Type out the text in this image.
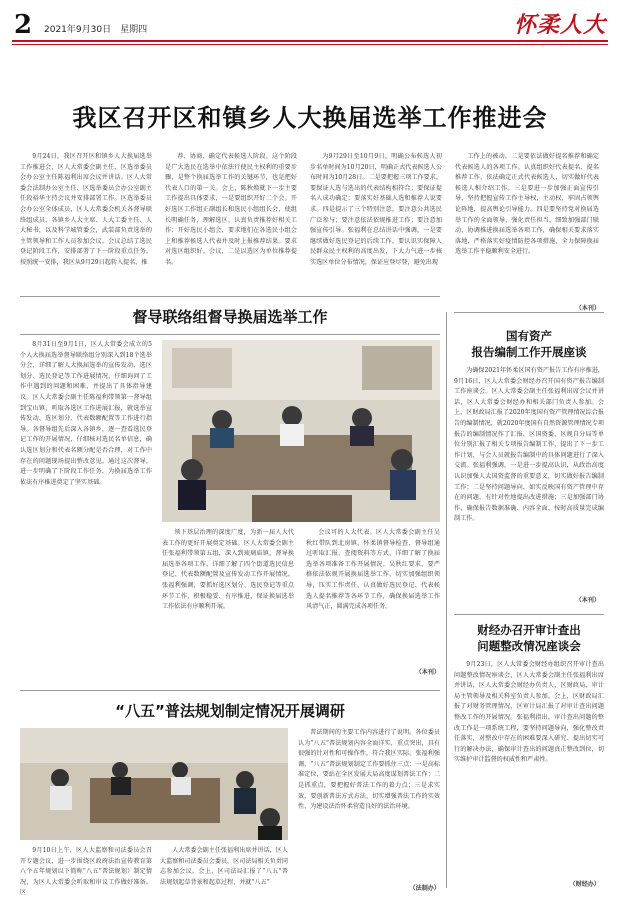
2 2021年9月30日　星期四	怀柔人大
我区召开区和镇乡人大换届选举工作推进会

9月24日，我区召开区和镇乡人大换届选举工作推进会，区人大常委会副主任、区选举委员会办公室主任陈福利出席会议并讲话。区人大常委会法制办公室主任、区选举委员会办公室副主任段裕华主持会议并安排部署工作。区选举委员会办公室全体成员，区人大常委会机关各督导联络组成员，各镇乡人大主席、人大工委主任、人大秘书，以及科学城管委会，武装部负责选举的主管领导和工作人员参加会议。会议总结了选民登记阶段工作，安排部署了下一阶段重点任务。按照统一安排，我区从9月29日起转入提名、推

荐、协商、确定代表候选人阶段。这个阶段是广大选民在选举中依法行使民主权利的重要步骤，是整个换届选举工作的关键环节，也是把好代表人口的第一关。会上，陈秋焕就下一步主要工作提出具体要求，一是要组织开好二个会。开好选区工作组正副组长和选民小组组长会，使组长明确任务，理解选区，认真负责推荐好相关工作；开好选民小组会，要求地们在各选民小组会上和推荐候选人代表并及时上报推荐结果。要求对选区组织好。会议，二是以选区为单位推荐提名。

为9月29日至10月9日，明确公布候选人初步名单时间为10月20日，明确正式代表候选人公布时间为10月28日。二是要把握三项工作要求。要保证人选与选出的代表结构相符合；要保证提名人成功确定；要落实好基础人选和推荐人说要求。四是提示了三个特别注意。要注意公共选民广泛参与；要注意依法依规推进工作；要注意加强宣传引导。张福利在总结讲话中强调，一是要继续做好选民登记的后续工作。要认识实保障人民群众民主权利的高度出发，下大力气进一步核实选区单位分布情况，保证应登尽登，避免出现

工作上的被动。二是要依法做好提名推荐和确定代表候选人的各项工作。认真组织好代表提名、提名推荐工作，依法确定正式代表候选人，切实做好代表候选人相介绍工作。三是要进一步加强正面宣传引导，坚持把握宣传工作主导权，主动权，牢固占领舆论阵地，提高舆论引导能力。四是要坚持党对换届选举工作的全面领导，强化责任担当，细致加强部门联动，协调推进换届选举各项工作，确保相关要求落实落地，严格落实好疫情防控各项措施，全力保障换届选举工作平稳顺利安全进行。

（本刊）
督导联络组督导换届选举工作

8月31日至9月1日，区人大常委会成立的5个人大换届选举督导联络组分别深入到18个选举分会，详细了解人大换届选举的宣传发动、选区划分、选民登记等工作进展情况，仔细询问了工作中遇到的问题和困难，并提出了具体指导建议。区人大常委会副主任陈福利带领第一督导组到宝山镇，听取各选区工作进展汇报，就选举宣传发动、选区划分、代表数额配置等工作进行指导。各督导组先后深入各镇乡，逐一查看选民登记工作的开展情况，仔细核对选民名单信息，确认选区划分和代表名额分配是否合理，对工作中存在的问题现场提出整改意见。通过这次督导，进一步明确了下阶段工作任务，为换届选举工作依法有序推进奠定了坚实基础。

领下基层治理的深度广度，为新一届人大代表工作的更好开展奠定基础。区人大常委会副主任张福利带领第五组，深入到琉璃庙镇，督导换届选举各项工作，详细了解了四个街道选民信息登记、代表数额配置及宣传发动工作开展情况。张福利强调，要抓好选区划分、选民登记等重点环节工作，积极稳妥、有序推进，保证换届选举工作依法有序顺利开展。

会议可的人大代表。区人大常委会副主任吴秋红带队到北房镇、怀柔镇督导检查，督导组通过听取汇报、查阅资料等方式，详细了解了换届选举各项准备工作开展情况。吴秋红要求，要严格依法依规开展换届选举工作，切实加强组织领导，压实工作责任，认真做好选民登记、代表候选人提名推荐等各环节工作，确保换届选举工作风清气正，圆满完成各项任务。

（本刊）
国有资产
报告编制工作开展座谈

为确保2021年怀柔区国有资产报告工作有序推进，9月16日，区人大常委会财经办召开国有资产报告编制工作座谈会。区人大常委会副主任张福利出席会议并讲话，区人大常委会财经办和相关部门负责人参加。会上，区财政局汇报了2020年度国有资产管理情况综合报告的编制情况，就2020年度国有自然资源管理情况专项报告的编制情况作了汇报，区国资委、区规自分局等单位分别汇报了相关专项报告编制工作，提出了下一步工作计划，与会人员就报告编制中的具体问题进行了深入交流。张福利强调，一是进一步提高认识，从政治高度认识加强人大国资监督的重要意义，切实做好报告编制工作；二是坚持问题导向，如实反映国有资产管理中存在的问题，有针对性地提出改进措施；三是加强部门协作，确保报告数据准确、内容全面、按时高质量完成编制工作。

（本刊）
财经办召开审计查出
问题整改情况座谈会

9月23日，区人大常委会财经办组织召开审计查出问题整改情况座谈会，区人大常委会副主任张福利出席并讲话，区人大常委会财经办负责人，区财政局、审计局主管领导及相关科室负责人参加。会上，区财政局汇报了对财务管理情况、区审计局汇报了对审计查出问题整改工作的开展情况。张福利指出，审计查出问题的整改工作是一项系统工程，要坚持问题导向，强化整改责任落实，对整改中存在的困难要深入研究、提出切实可行的解决办法，确保审计查出的问题真正整改到位，切实维护审计监督的权威性和严肃性。

（财经办）
“八五”普法规划制定情况开展调研

9月10日上午，区人大监察和司法委员会召开专题会议，进一步围绕区政府法治宣传教育第八个五年规划以下简称“八五”普法规划）制定情况，为区人大常委会听取和审议工作做好准备。区

人大常委会副主任张福利出席并讲话，区人大监察和司法委员会委员，区司法局相关负责同志参加会议。会上，区司法局汇报了“八五”普法规划起草背景和起草过程，并就“八五”

普法期间的主要工作内容进行了说明。各位委员认为“八五”普法规划内容全面详实，重点突出，具有很强的针对性和可操作性，符合我区实际。张福利强调，“八五”普法规划制定工作要抓住三点：一是高标准定位，要站在全区发展大局高度谋划普法工作；二是抓重点，要把握好普法工作的着力点；三是求实效，要创新普法方式方法，切实增强普法工作的实效性，为建设法治怀柔营造良好的法治环境。

（法制办）
